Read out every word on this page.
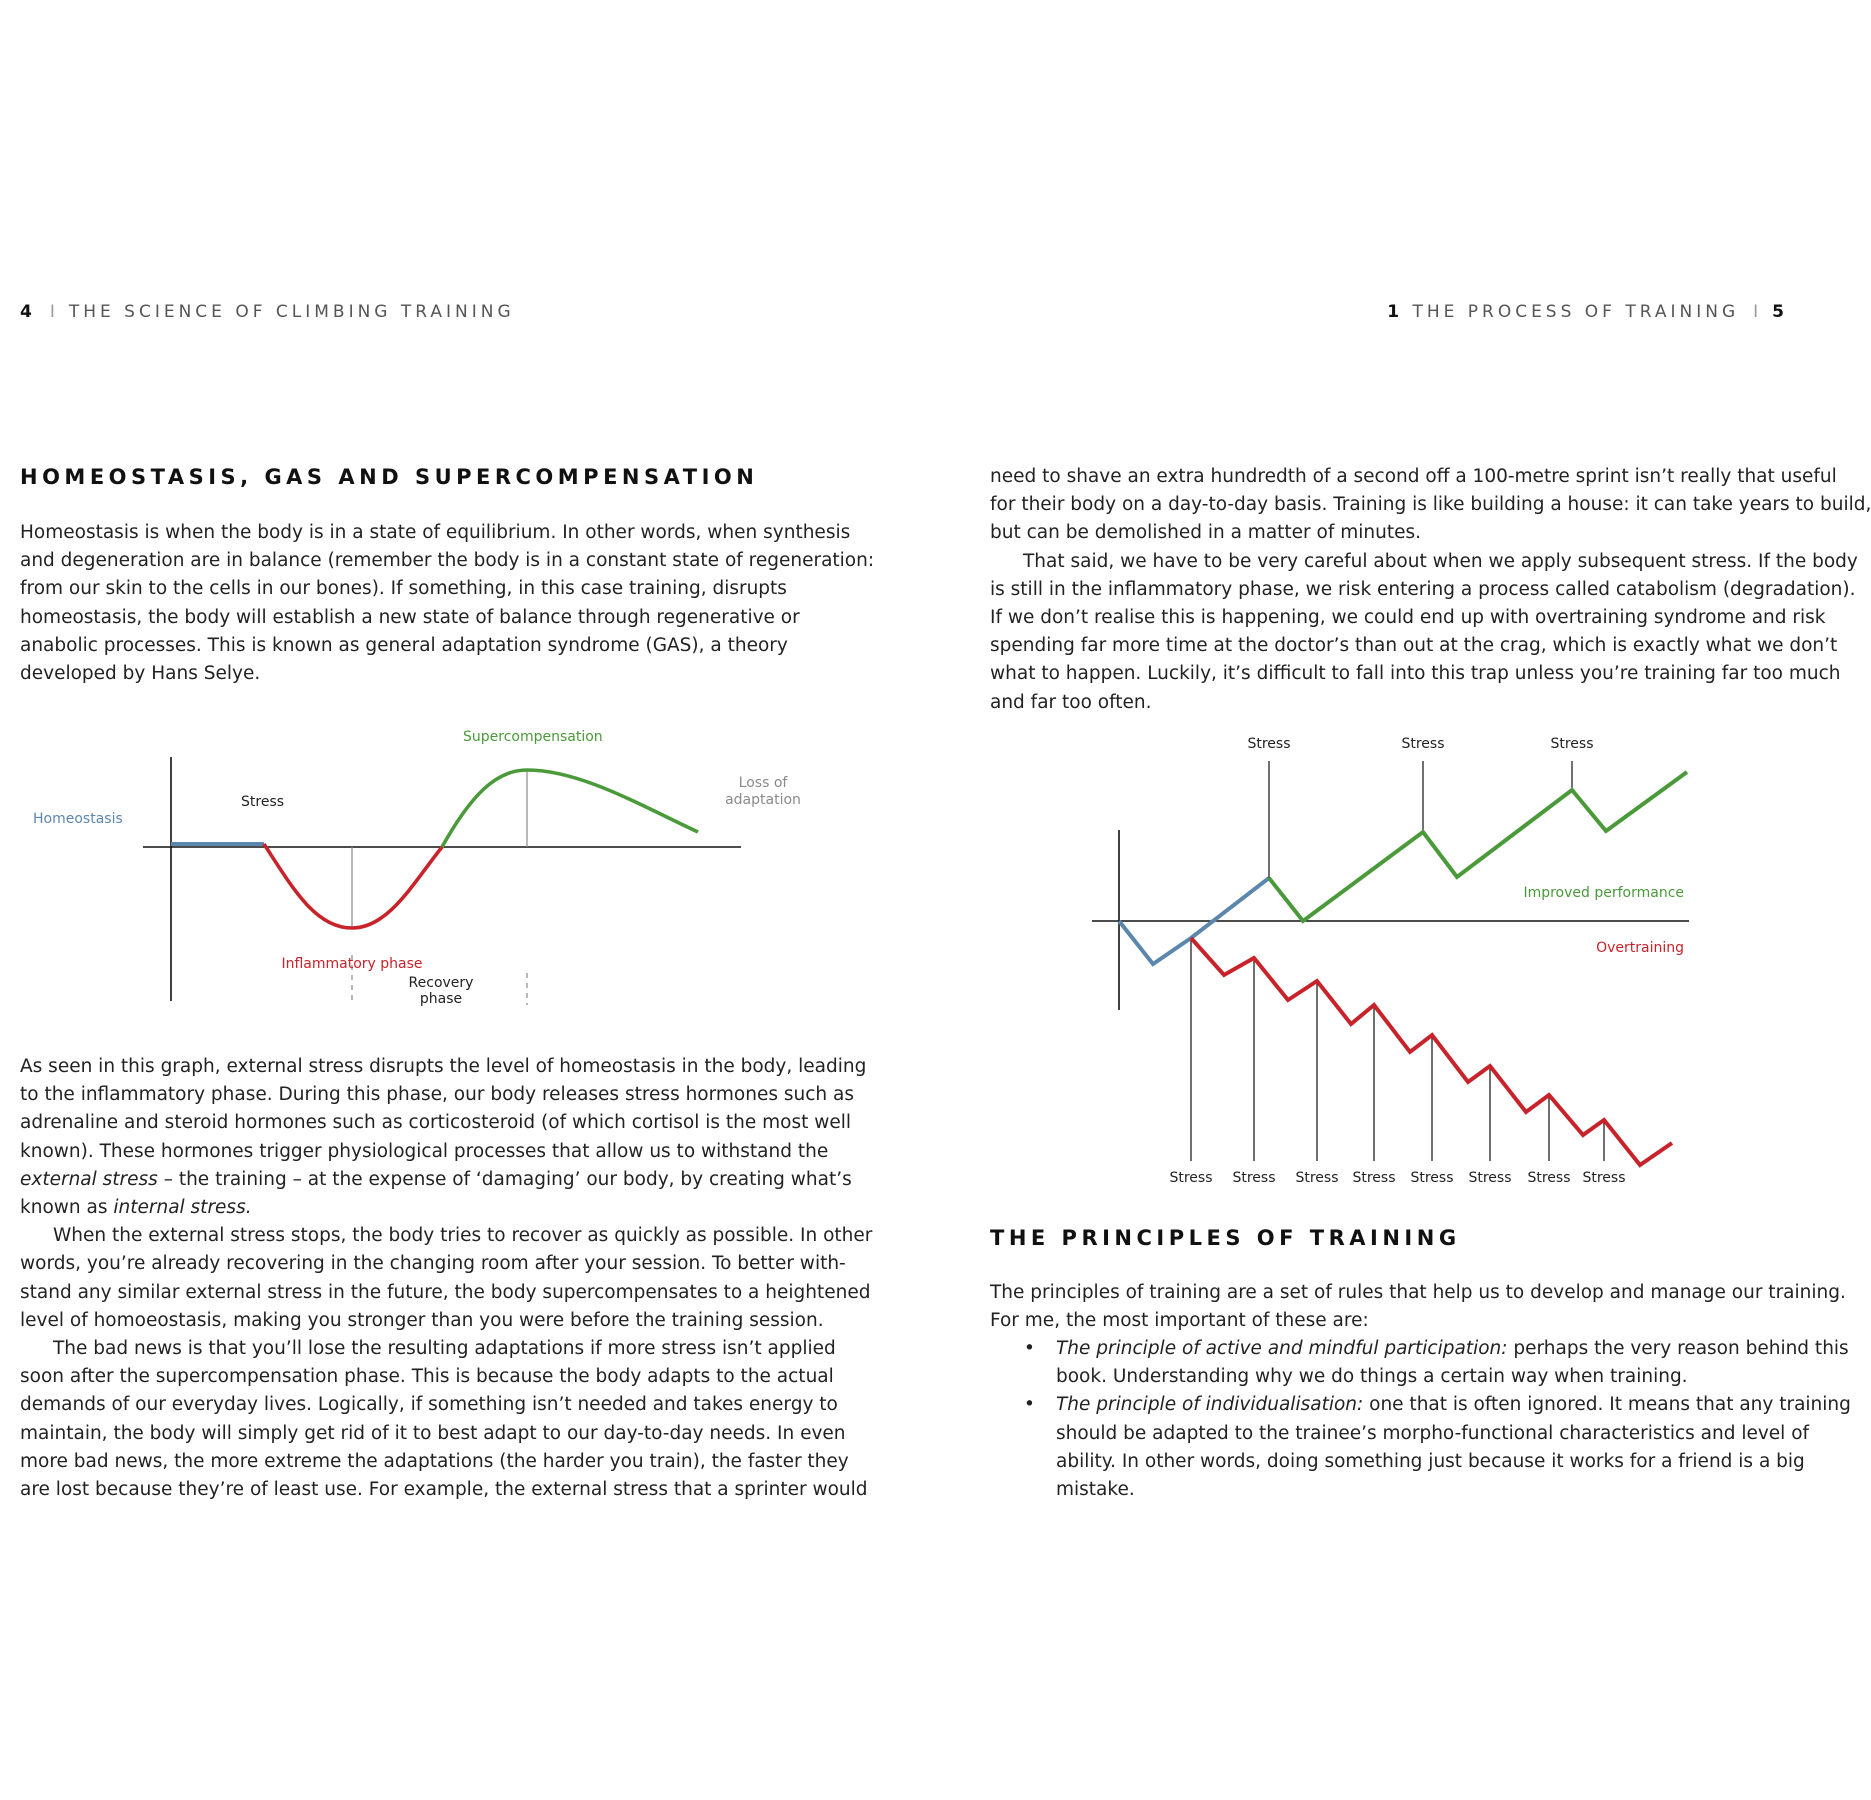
4 I THE SCIENCE OF CLIMBING TRAINING	1 THE PROCESS OF TRAINING I 5
HOMEOSTASIS, GAS AND SUPERCOMPENSATION

Homeostasis is when the body is in a state of equilibrium. In other words, when synthesis

and degeneration are in balance (remember the body is in a constant state of regeneration:

from our skin to the cells in our bones). If something, in this case training, disrupts

homeostasis, the body will establish a new state of balance through regenerative or

anabolic processes. This is known as general adaptation syndrome (GAS), a theory

developed by Hans Selye.

Homeostasis
Stress
Supercompensation
Loss of
adaptation
Inflammatory phase
Recovery
phase

As seen in this graph, external stress disrupts the level of homeostasis in the body, leading

to the inflammatory phase. During this phase, our body releases stress hormones such as

adrenaline and steroid hormones such as corticosteroid (of which cortisol is the most well

known). These hormones trigger physiological processes that allow us to withstand the

external stress – the training – at the expense of ‘damaging’ our body, by creating what’s

known as internal stress.

When the external stress stops, the body tries to recover as quickly as possible. In other

words, you’re already recovering in the changing room after your session. To better with-

stand any similar external stress in the future, the body supercompensates to a heightened

level of homoeostasis, making you stronger than you were before the training session.

The bad news is that you’ll lose the resulting adaptations if more stress isn’t applied

soon after the supercompensation phase. This is because the body adapts to the actual

demands of our everyday lives. Logically, if something isn’t needed and takes energy to

maintain, the body will simply get rid of it to best adapt to our day-to-day needs. In even

more bad news, the more extreme the adaptations (the harder you train), the faster they

are lost because they’re of least use. For example, the external stress that a sprinter would

need to shave an extra hundredth of a second off a 100-metre sprint isn’t really that useful

for their body on a day-to-day basis. Training is like building a house: it can take years to build,

but can be demolished in a matter of minutes.

That said, we have to be very careful about when we apply subsequent stress. If the body

is still in the inflammatory phase, we risk entering a process called catabolism (degradation).

If we don’t realise this is happening, we could end up with overtraining syndrome and risk

spending far more time at the doctor’s than out at the crag, which is exactly what we don’t

what to happen. Luckily, it’s difficult to fall into this trap unless you’re training far too much

and far too often.

Stress	Stress	Stress
Improved performance
Overtraining
Stress Stress Stress Stress Stress Stress Stress Stress
THE PRINCIPLES OF TRAINING

The principles of training are a set of rules that help us to develop and manage our training.

For me, the most important of these are:

• The principle of active and mindful participation: perhaps the very reason behind this
book. Understanding why we do things a certain way when training.
• The principle of individualisation: one that is often ignored. It means that any training
should be adapted to the trainee’s morpho-functional characteristics and level of
ability. In other words, doing something just because it works for a friend is a big
mistake.
